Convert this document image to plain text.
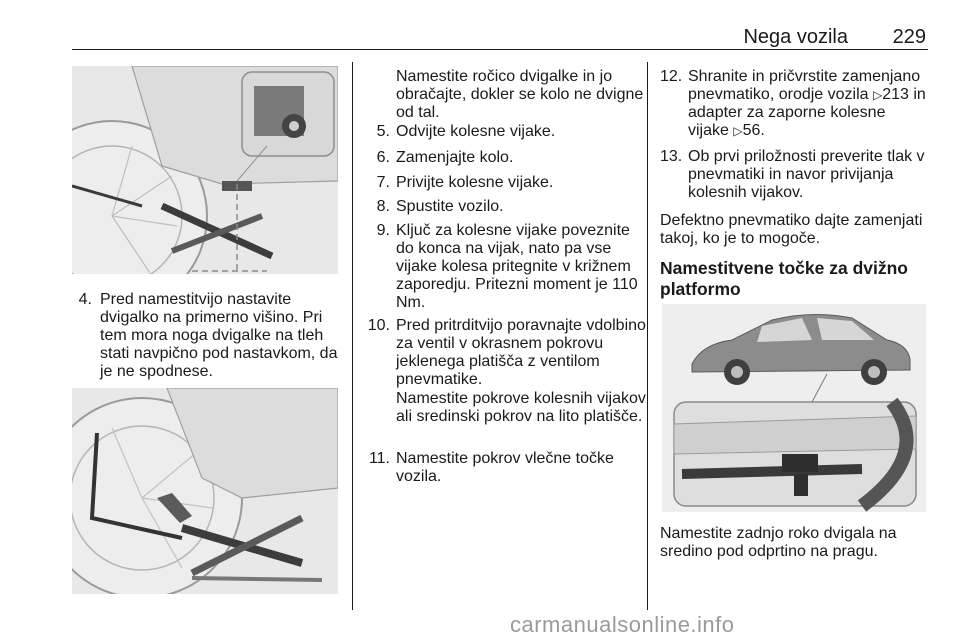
Nega vozila 229
4. Pred namestitvijo nastavite dvigalko na primerno višino. Pri tem mora noga dvigalke na tleh stati navpično pod nastavkom, da je ne spodnese.
Namestite ročico dvigalke in jo obračajte, dokler se kolo ne dvigne od tal.
5. Odvijte kolesne vijake.
6. Zamenjajte kolo.
7. Privijte kolesne vijake.
8. Spustite vozilo.
9. Ključ za kolesne vijake poveznite do konca na vijak, nato pa vse vijake kolesa pritegnite v križnem zaporedju. Pritezni moment je 110 Nm.
10. Pred pritrditvijo poravnajte vdolbino za ventil v okrasnem pokrovu jeklenega platišča z ventilom pnevmatike.
Namestite pokrove kolesnih vijakov ali sredinski pokrov na lito platišče.
11. Namestite pokrov vlečne točke vozila.
12. Shranite in pričvrstite zamenjano
pnevmatiko, orodje vozila ▷213 in
adapter za zaporne kolesne
vijake ▷56.
13. Ob prvi priložnosti preverite tlak v pnevmatiki in navor privijanja kolesnih vijakov.
Defektno pnevmatiko dajte zamenjati takoj, ko je to mogoče.
Namestitvene točke za dvižno platformo
Namestite zadnjo roko dvigala na sredino pod odprtino na pragu.
carmanualsonline.info
